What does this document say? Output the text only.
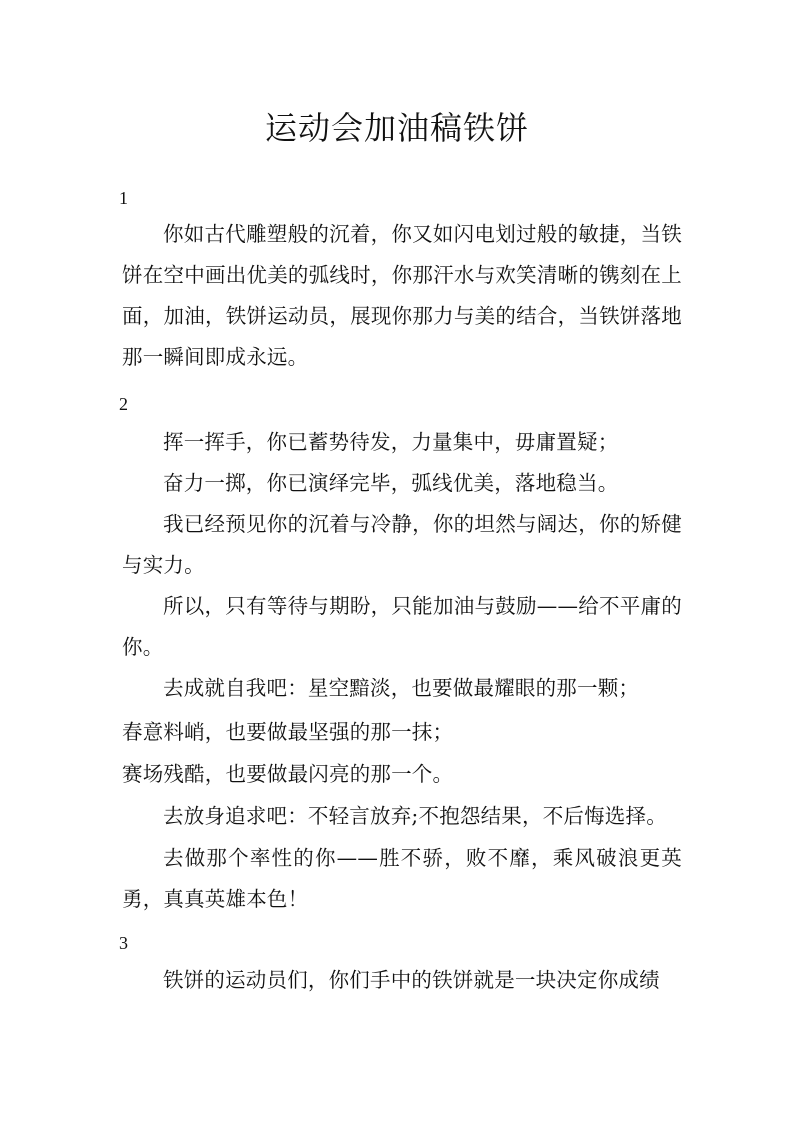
运动会加油稿铁饼
1

你如古代雕塑般的沉着，你又如闪电划过般的敏捷，当铁饼在空中画出优美的弧线时，你那汗水与欢笑清晰的镌刻在上面，加油，铁饼运动员，展现你那力与美的结合，当铁饼落地那一瞬间即成永远。

2

挥一挥手，你已蓄势待发，力量集中，毋庸置疑；

奋力一掷，你已演绎完毕，弧线优美，落地稳当。

我已经预见你的沉着与冷静，你的坦然与阔达，你的矫健与实力。

所以，只有等待与期盼，只能加油与鼓励——给不平庸的你。

去成就自我吧：星空黯淡，也要做最耀眼的那一颗；

春意料峭，也要做最坚强的那一抹；

赛场残酷，也要做最闪亮的那一个。

去放身追求吧：不轻言放弃;不抱怨结果，不后悔选择。

去做那个率性的你——胜不骄，败不靡，乘风破浪更英勇，真真英雄本色！

3

铁饼的运动员们，你们手中的铁饼就是一块决定你成绩
